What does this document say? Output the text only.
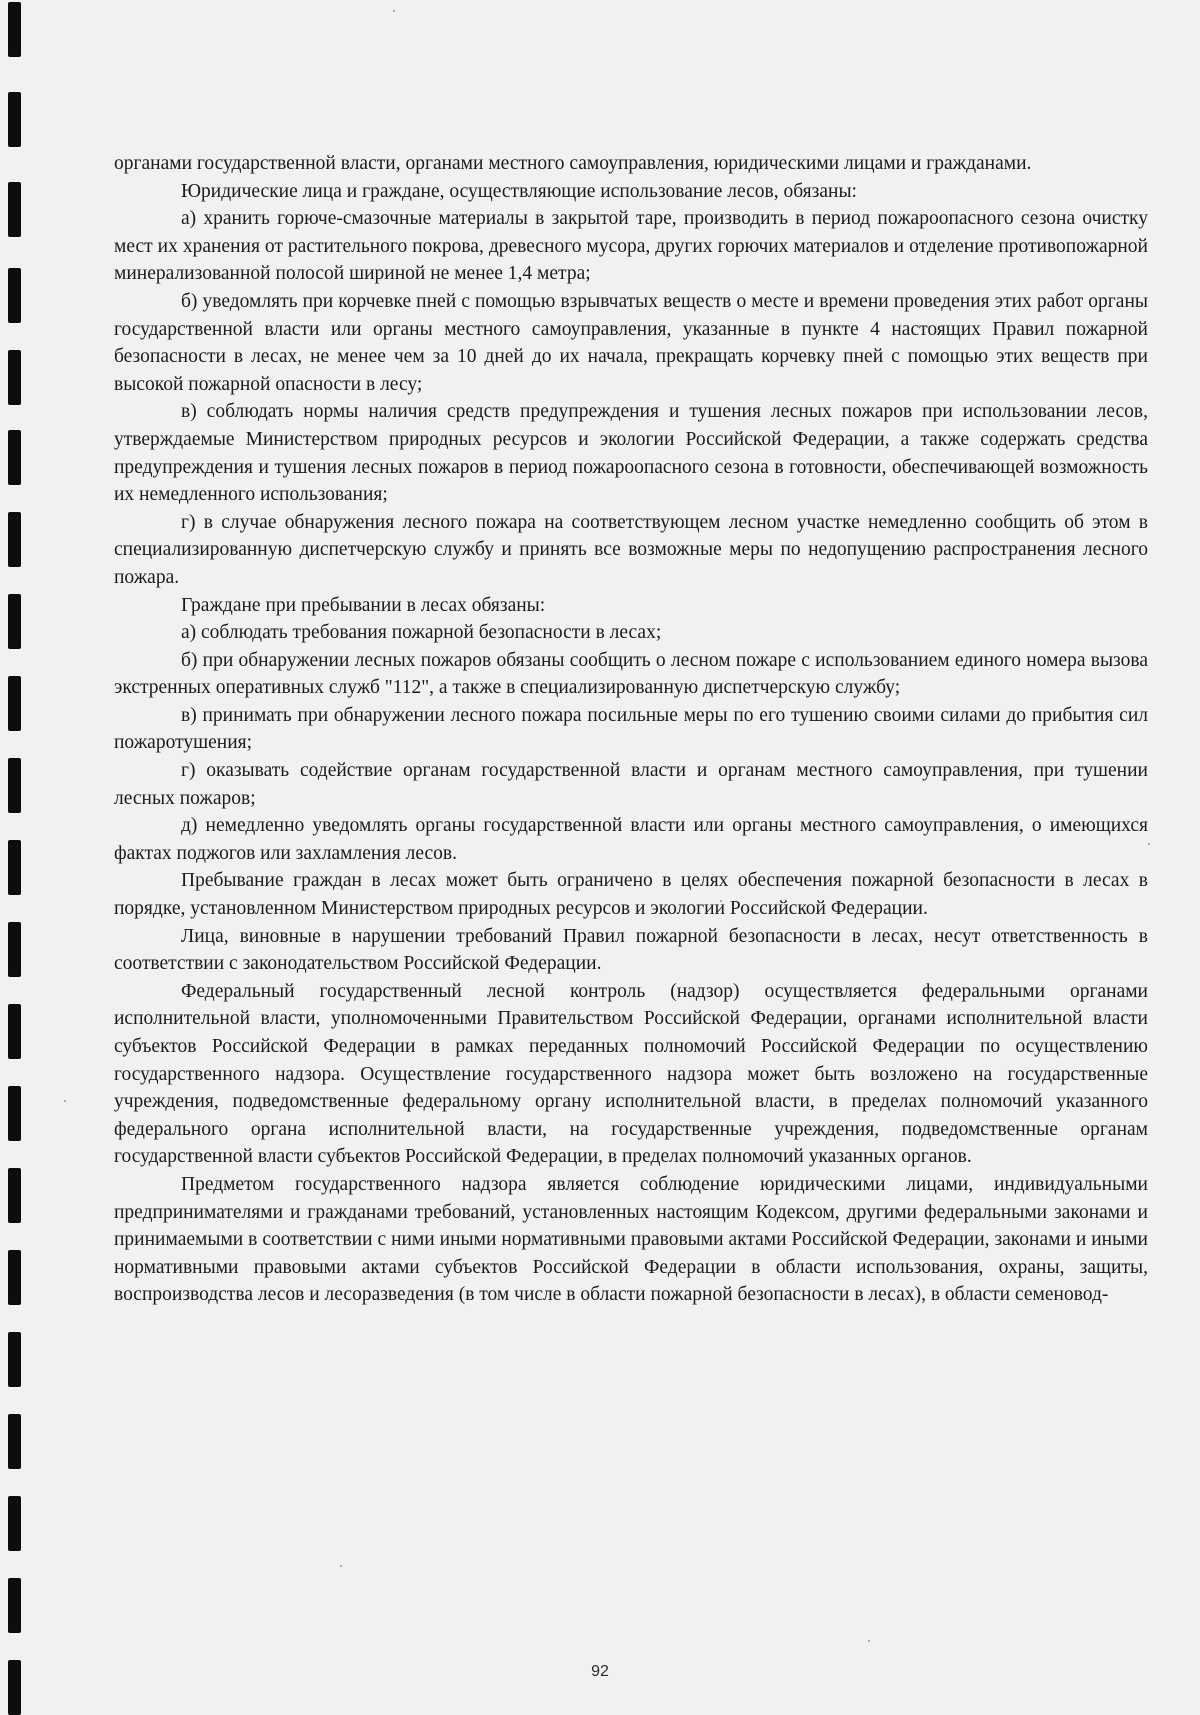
органами государственной власти, органами местного самоуправления, юридическими лицами и гражданами.

Юридические лица и граждане, осуществляющие использование лесов, обязаны:

а) хранить горюче-смазочные материалы в закрытой таре, производить в период пожароопасного сезона очистку мест их хранения от растительного покрова, древесного мусора, других горючих материалов и отделение противопожарной минерализованной полосой шириной не менее 1,4 метра;

б) уведомлять при корчевке пней с помощью взрывчатых веществ о месте и времени проведения этих работ органы государственной власти или органы местного самоуправления, указанные в пункте 4 настоящих Правил пожарной безопасности в лесах, не менее чем за 10 дней до их начала, прекращать корчевку пней с помощью этих веществ при высокой пожарной опасности в лесу;

в) соблюдать нормы наличия средств предупреждения и тушения лесных пожаров при использовании лесов, утверждаемые Министерством природных ресурсов и экологии Российской Федерации, а также содержать средства предупреждения и тушения лесных пожаров в период пожароопасного сезона в готовности, обеспечивающей возможность их немедленного использования;

г) в случае обнаружения лесного пожара на соответствующем лесном участке немедленно сообщить об этом в специализированную диспетчерскую службу и принять все возможные меры по недопущению распространения лесного пожара.

Граждане при пребывании в лесах обязаны:

а) соблюдать требования пожарной безопасности в лесах;

б) при обнаружении лесных пожаров обязаны сообщить о лесном пожаре с использованием единого номера вызова экстренных оперативных служб "112", а также в специализированную диспетчерскую службу;

в) принимать при обнаружении лесного пожара посильные меры по его тушению своими силами до прибытия сил пожаротушения;

г) оказывать содействие органам государственной власти и органам местного самоуправления, при тушении лесных пожаров;

д) немедленно уведомлять органы государственной власти или органы местного самоуправления, о имеющихся фактах поджогов или захламления лесов.

Пребывание граждан в лесах может быть ограничено в целях обеспечения пожарной безопасности в лесах в порядке, установленном Министерством природных ресурсов и экологии Российской Федерации.

Лица, виновные в нарушении требований Правил пожарной безопасности в лесах, несут ответственность в соответствии с законодательством Российской Федерации.

Федеральный государственный лесной контроль (надзор) осуществляется федеральными органами исполнительной власти, уполномоченными Правительством Российской Федерации, органами исполнительной власти субъектов Российской Федерации в рамках переданных полномочий Российской Федерации по осуществлению государственного надзора. Осуществление государственного надзора может быть возложено на государственные учреждения, подведомственные федеральному органу исполнительной власти, в пределах полномочий указанного федерального органа исполнительной власти, на государственные учреждения, подведомственные органам государственной власти субъектов Российской Федерации, в пределах полномочий указанных органов.

Предметом государственного надзора является соблюдение юридическими лицами, индивидуальными предпринимателями и гражданами требований, установленных настоящим Кодексом, другими федеральными законами и принимаемыми в соответствии с ними иными нормативными правовыми актами Российской Федерации, законами и иными нормативными правовыми актами субъектов Российской Федерации в области использования, охраны, защиты, воспроизводства лесов и лесоразведения (в том числе в области пожарной безопасности в лесах), в области семеновод-

92
